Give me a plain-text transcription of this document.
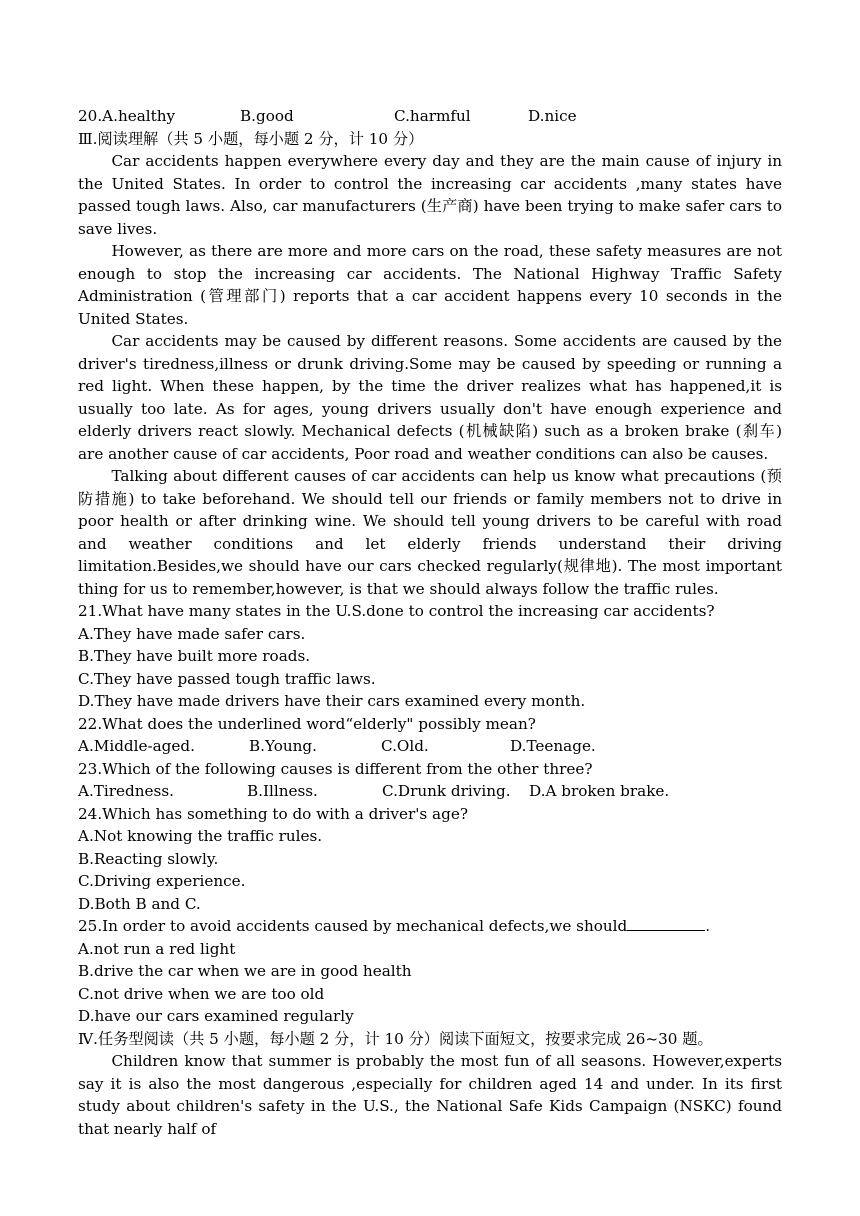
20.A.healthy	B.good	C.harmful	D.nice
Ⅲ.阅读理解（共 5 小题，每小题 2 分，计 10 分）
Car accidents happen everywhere every day and they are the main cause of injury in the United States. In order to control the increasing car accidents ,many states have passed tough laws. Also, car manufacturers (生产商) have been trying to make safer cars to save lives.
However, as there are more and more cars on the road, these safety measures are not enough to stop the increasing car accidents. The National Highway Traffic Safety Administration (管理部门) reports that a car accident happens every 10 seconds in the United States.
Car accidents may be caused by different reasons. Some accidents are caused by the driver's tiredness,illness or drunk driving.Some may be caused by speeding or running a red light. When these happen, by the time the driver realizes what has happened,it is usually too late. As for ages, young drivers usually don't have enough experience and elderly drivers react slowly. Mechanical defects (机械缺陷) such as a broken brake (刹车) are another cause of car accidents, Poor road and weather conditions can also be causes.
Talking about different causes of car accidents can help us know what precautions (预防措施) to take beforehand. We should tell our friends or family members not to drive in poor health or after drinking wine. We should tell young drivers to be careful with road and weather conditions and let elderly friends understand their driving limitation.Besides,we should have our cars checked regularly(规律地). The most important thing for us to remember,however, is that we should always follow the traffic rules.
21.What have many states in the U.S.done to control the increasing car accidents?
A.They have made safer cars.
B.They have built more roads.
C.They have passed tough traffic laws.
D.They have made drivers have their cars examined every month.
22.What does the underlined word“elderly" possibly mean?
A.Middle-aged.	B.Young.	C.Old.	D.Teenage.
23.Which of the following causes is different from the other three?
A.Tiredness.	B.Illness.	C.Drunk driving.	D.A broken brake.
24.Which has something to do with a driver's age?
A.Not knowing the traffic rules.
B.Reacting slowly.
C.Driving experience.
D.Both B and C.
25.In order to avoid accidents caused by mechanical defects,we should	.
A.not run a red light
B.drive the car when we are in good health
C.not drive when we are too old
D.have our cars examined regularly
Ⅳ.任务型阅读（共 5 小题，每小题 2 分，计 10 分）阅读下面短文，按要求完成 26~30 题。
Children know that summer is probably the most fun of all seasons. However,experts say it is also the most dangerous ,especially for children aged 14 and under. In its first study about children's safety in the U.S., the National Safe Kids Campaign (NSKC) found that nearly half of
